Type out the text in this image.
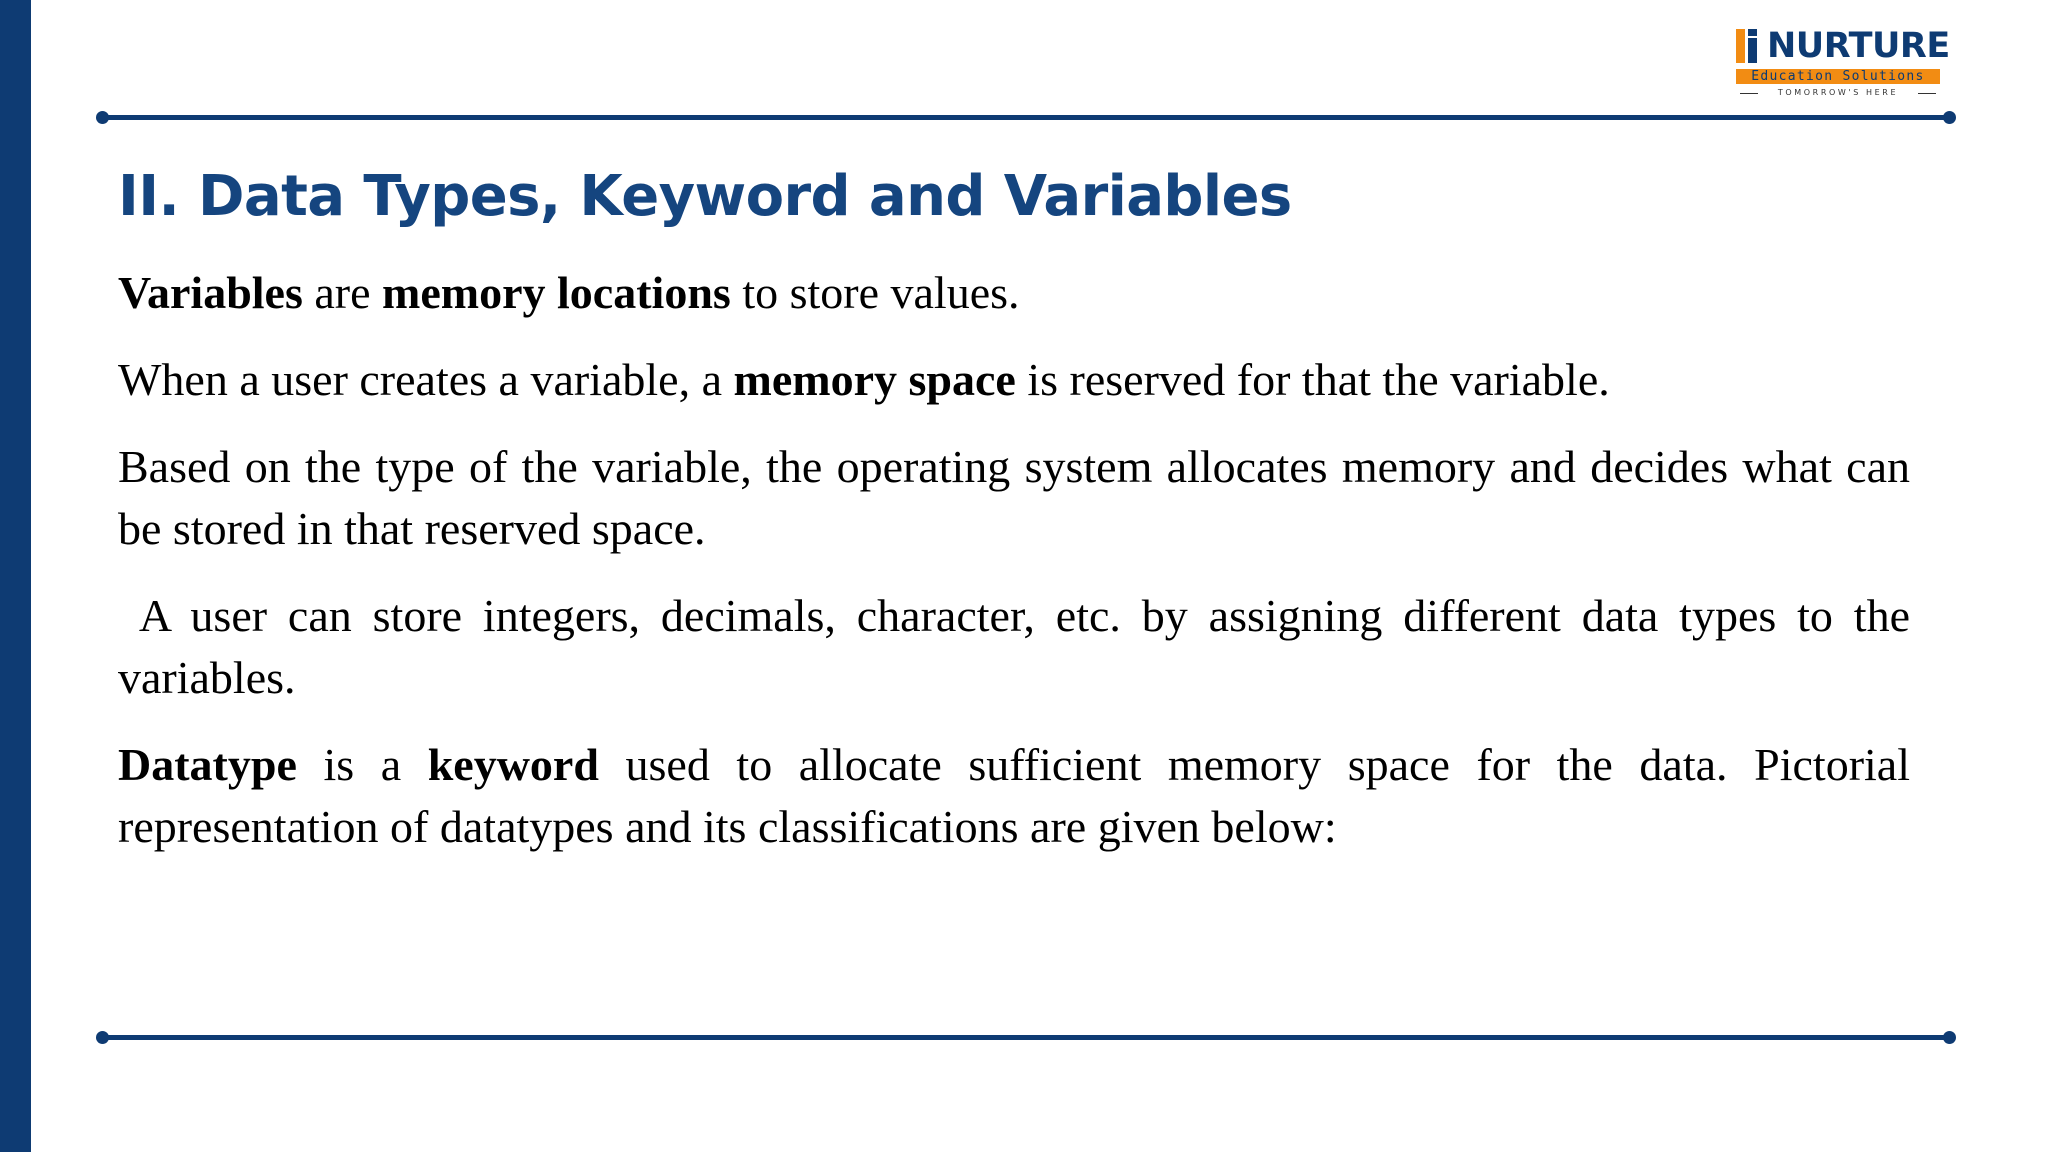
NURTURE
Education Solutions
TOMORROW'S HERE
II. Data Types, Keyword and Variables

Variables are memory locations to store values.

When a user creates a variable, a memory space is reserved for that the variable.

Based on the type of the variable, the operating system allocates memory and decides what can be stored in that reserved space.

A user can store integers, decimals, character, etc. by assigning different data types to the variables.

Datatype is a keyword used to allocate sufficient memory space for the data. Pictorial representation of datatypes and its classifications are given below:
